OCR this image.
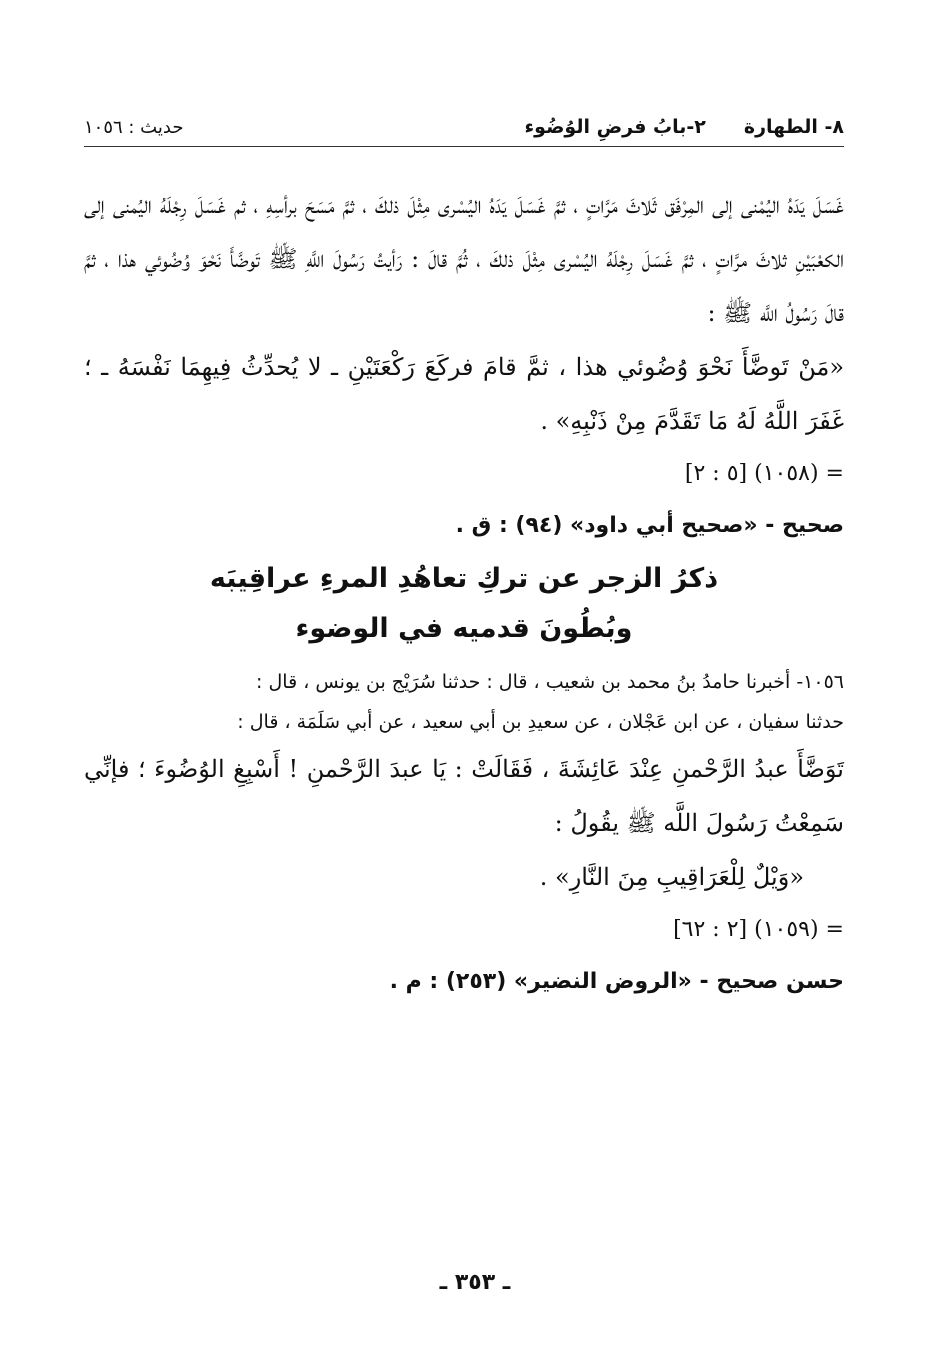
٨- الطهارة
٢-بابُ فرضِ الوُضُوء
حديث : ١٠٥٦

غَسَلَ يَدَهُ اليُمْنى إلى المِرْفَق ثَلاثَ مَرَّاتٍ ، ثمَّ غَسَلَ يَدَهُ اليُسْرى مِثْلَ ذلكَ ، ثمَّ مَسَحَ برأسِهِ ، ثم غَسَلَ رِجْلَهُ اليُمنى إلى الكعْبَيْنِ ثلاثَ مرَّاتٍ ، ثمَّ غَسَلَ رِجْلَهُ اليُسْرى مِثْلَ ذلكَ ، ثُمَّ قالَ : رَأيتُ رَسُولَ اللَّهِ ﷺ تَوضَّأَ نَحْوَ وُضُوئي هذا ، ثمَّ قالَ رَسُولُ اللَّه ﷺ :

«مَنْ تَوضَّأَ نَحْوَ وُضُوئي هذا ، ثمَّ قامَ فركَعَ رَكْعَتَيْنِ ـ لا يُحدِّثُ فِيهِمَا نَفْسَهُ ـ ؛ غَفَرَ اللَّهُ لَهُ مَا تَقَدَّمَ مِنْ ذَنْبِهِ» .

= (١٠٥٨) [٥ : ٢]

صحيح - «صحيح أبي داود» (٩٤) : ق .

ذكرُ الزجر عن تركِ تعاهُدِ المرءِ عراقِيبَه

وبُطُونَ قدميه في الوضوء

١٠٥٦- أخبرنا حامدُ بنُ محمد بن شعيب ، قال : حدثنا سُرَيْج بن يونس ، قال :

حدثنا سفيان ، عن ابن عَجْلان ، عن سعيدِ بن أبي سعيد ، عن أبي سَلَمَة ، قال :

تَوَضَّأَ عبدُ الرَّحْمنِ عِنْدَ عَائِشَةَ ، فَقَالَتْ : يَا عبدَ الرَّحْمنِ ! أَسْبِغِ الوُضُوءَ ؛ فإنِّي سَمِعْتُ رَسُولَ اللَّه ﷺ يقُولُ :

«وَيْلٌ لِلْعَرَاقِيبِ مِنَ النَّارِ» .

= (١٠٥٩) [٢ : ٦٢]

حسن صحيح - «الروض النضير» (٢٥٣) : م .

ـ ٣٥٣ ـ
